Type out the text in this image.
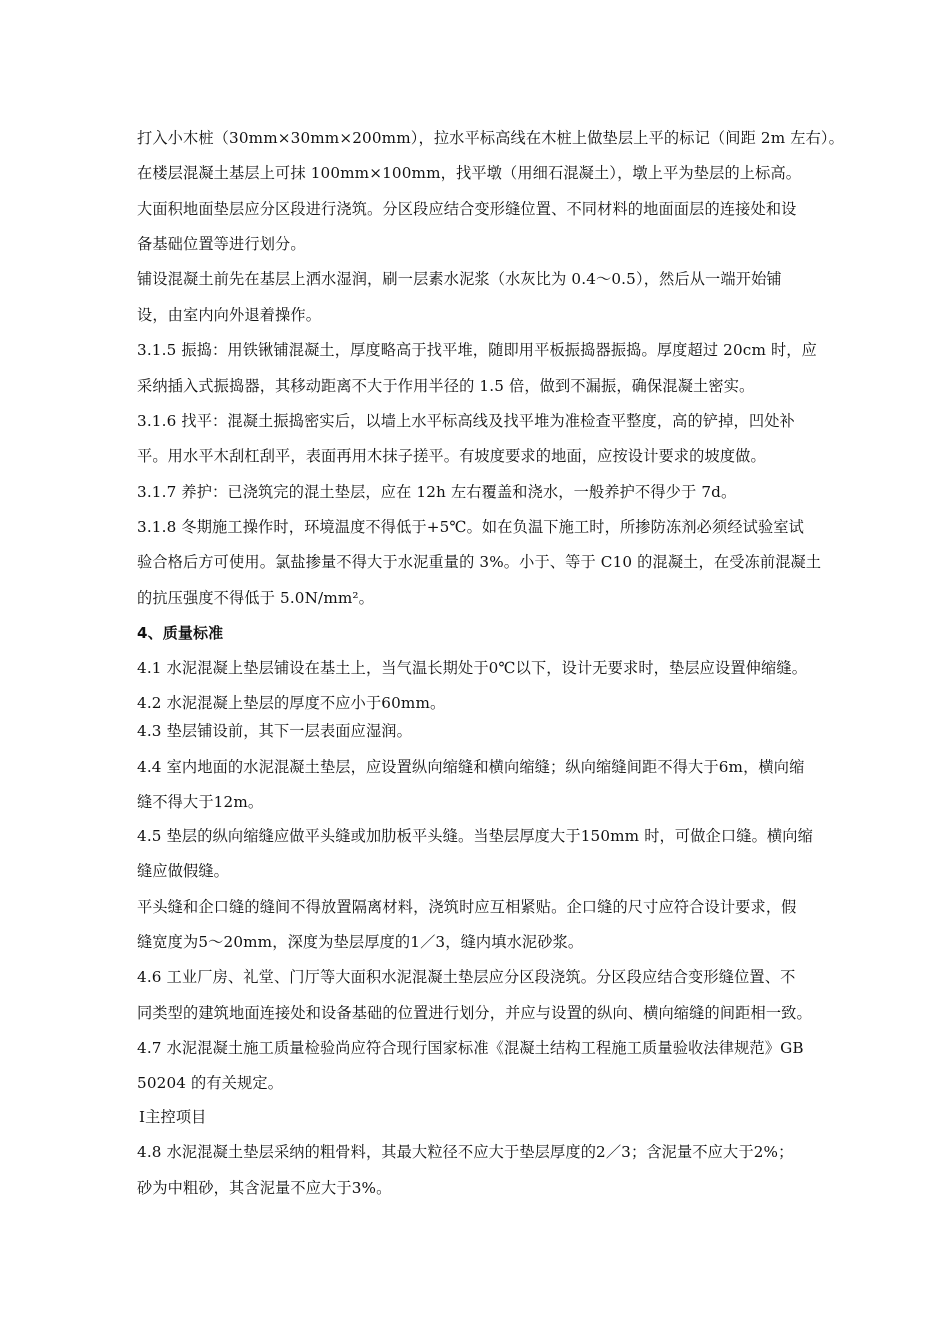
打入小木桩（30mm×30mm×200mm），拉水平标高线在木桩上做垫层上平的标记（间距 2m 左右）。
在楼层混凝土基层上可抹 100mm×100mm，找平墩（用细石混凝土），墩上平为垫层的上标高。
大面积地面垫层应分区段进行浇筑。分区段应结合变形缝位置、不同材料的地面面层的连接处和设
备基础位置等进行划分。
铺设混凝土前先在基层上洒水湿润，刷一层素水泥浆（水灰比为 0.4～0.5），然后从一端开始铺
设，由室内向外退着操作。
3.1.5 振捣：用铁锹铺混凝土，厚度略高于找平堆，随即用平板振捣器振捣。厚度超过 20cm 时，应
采纳插入式振捣器，其移动距离不大于作用半径的 1.5 倍，做到不漏振，确保混凝土密实。
3.1.6 找平：混凝土振捣密实后，以墙上水平标高线及找平堆为准检查平整度，高的铲掉，凹处补
平。用水平木刮杠刮平，表面再用木抹子搓平。有坡度要求的地面，应按设计要求的坡度做。
3.1.7 养护：已浇筑完的混土垫层，应在 12h 左右覆盖和浇水，一般养护不得少于 7d。
3.1.8 冬期施工操作时，环境温度不得低于+5℃。如在负温下施工时，所掺防冻剂必须经试验室试
验合格后方可使用。氯盐掺量不得大于水泥重量的 3%。小于、等于 C10 的混凝土，在受冻前混凝土
的抗压强度不得低于 5.0N/mm²。
4、质量标准
4.1 水泥混凝上垫层铺设在基土上，当气温长期处于0℃以下，设计无要求时，垫层应设置伸缩缝。
4.2 水泥混凝上垫层的厚度不应小于60mm。
4.3 垫层铺设前，其下一层表面应湿润。
4.4 室内地面的水泥混凝土垫层，应设置纵向缩缝和横向缩缝；纵向缩缝间距不得大于6m，横向缩
缝不得大于12m。
4.5 垫层的纵向缩缝应做平头缝或加肋板平头缝。当垫层厚度大于150mm 时，可做企口缝。横向缩
缝应做假缝。
平头缝和企口缝的缝间不得放置隔离材料，浇筑时应互相紧贴。企口缝的尺寸应符合设计要求，假
缝宽度为5～20mm，深度为垫层厚度的1／3，缝内填水泥砂浆。
4.6 工业厂房、礼堂、门厅等大面积水泥混凝土垫层应分区段浇筑。分区段应结合变形缝位置、不
同类型的建筑地面连接处和设备基础的位置进行划分，并应与设置的纵向、横向缩缝的间距相一致。
4.7 水泥混凝土施工质量检验尚应符合现行国家标准《混凝土结构工程施工质量验收法律规范》GB
50204 的有关规定。
Ⅰ主控项目
4.8 水泥混凝土垫层采纳的粗骨料，其最大粒径不应大于垫层厚度的2／3；含泥量不应大于2%；
砂为中粗砂，其含泥量不应大于3%。
